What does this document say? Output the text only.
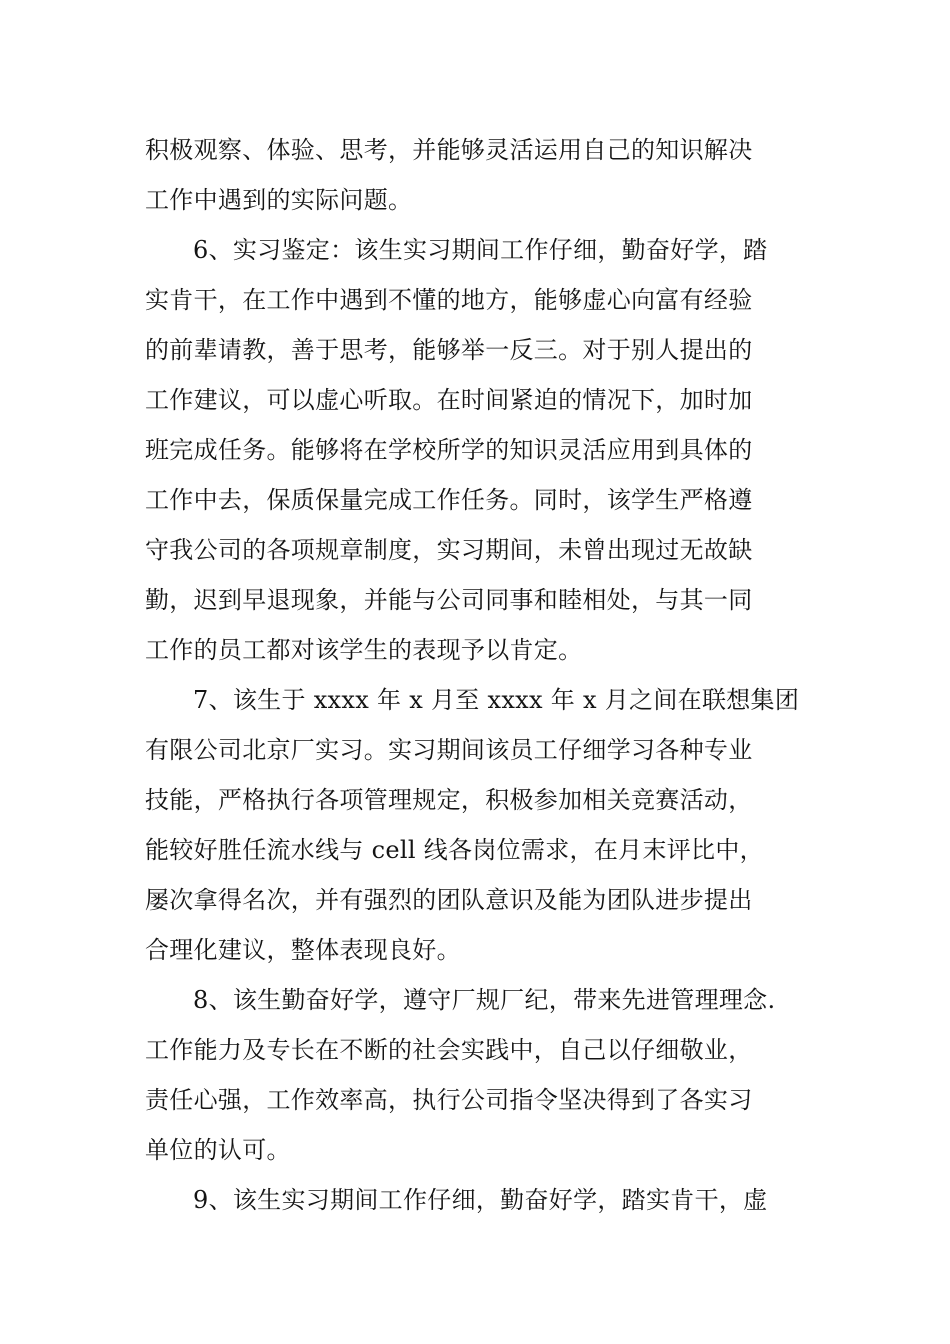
积极观察、体验、思考，并能够灵活运用自己的知识解决
工作中遇到的实际问题。
6、实习鉴定：该生实习期间工作仔细，勤奋好学，踏
实肯干，在工作中遇到不懂的地方，能够虚心向富有经验
的前辈请教，善于思考，能够举一反三。对于别人提出的
工作建议，可以虚心听取。在时间紧迫的情况下，加时加
班完成任务。能够将在学校所学的知识灵活应用到具体的
工作中去，保质保量完成工作任务。同时，该学生严格遵
守我公司的各项规章制度，实习期间，未曾出现过无故缺
勤，迟到早退现象，并能与公司同事和睦相处，与其一同
工作的员工都对该学生的表现予以肯定。
7、该生于 xxxx 年 x 月至 xxxx 年 x 月之间在联想集团
有限公司北京厂实习。实习期间该员工仔细学习各种专业
技能，严格执行各项管理规定，积极参加相关竞赛活动，
能较好胜任流水线与 cell 线各岗位需求，在月末评比中，
屡次拿得名次，并有强烈的团队意识及能为团队进步提出
合理化建议，整体表现良好。
8、该生勤奋好学，遵守厂规厂纪，带来先进管理理念.
工作能力及专长在不断的社会实践中，自己以仔细敬业，
责任心强，工作效率高，执行公司指令坚决得到了各实习
单位的认可。
9、该生实习期间工作仔细，勤奋好学，踏实肯干，虚
